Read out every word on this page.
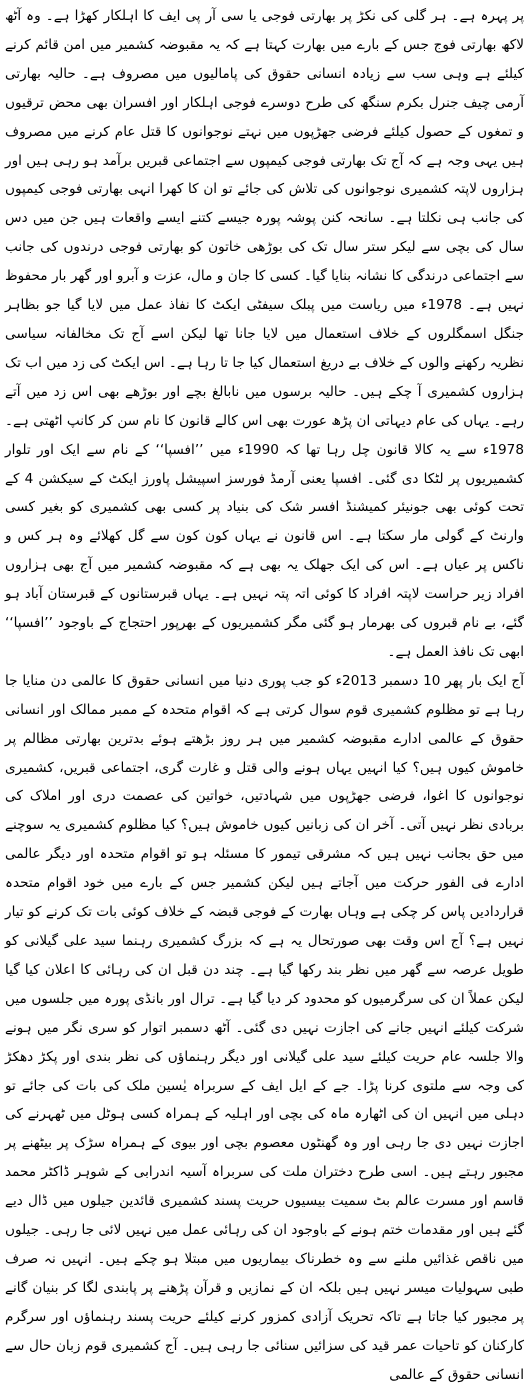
پر پہرہ ہے۔ ہر گلی کی نکڑ پر بھارتی فوجی یا سی آر پی ایف کا اہلکار کھڑا ہے۔ وہ آٹھ لاکھ بھارتی فوج جس کے بارے میں بھارت کہتا ہے کہ یہ مقبوضہ کشمیر میں امن قائم کرنے کیلئے ہے وہی سب سے زیادہ انسانی حقوق کی پامالیوں میں مصروف ہے۔ حالیہ بھارتی آرمی چیف جنرل بکرم سنگھ کی طرح دوسرے فوجی اہلکار اور افسران بھی محض ترقیوں و تمغوں کے حصول کیلئے فرضی جھڑپوں میں نہتے نوجوانوں کا قتل عام کرنے میں مصروف ہیں یہی وجہ ہے کہ آج تک بھارتی فوجی کیمپوں سے اجتماعی قبریں برآمد ہو رہی ہیں اور ہزاروں لاپتہ کشمیری نوجوانوں کی تلاش کی جائے تو ان کا کھرا انہی بھارتی فوجی کیمپوں کی جانب ہی نکلتا ہے۔ سانحہ کنن پوشہ پورہ جیسے کتنے ایسے واقعات ہیں جن میں دس سال کی بچی سے لیکر ستر سال تک کی بوڑھی خاتون کو بھارتی فوجی درندوں کی جانب سے اجتماعی درندگی کا نشانہ بنایا گیا۔ کسی کا جان و مال، عزت و آبرو اور گھر بار محفوظ نہیں ہے۔ 1978ء میں ریاست میں پبلک سیفٹی ایکٹ کا نفاذ عمل میں لایا گیا جو بظاہر جنگل اسمگلروں کے خلاف استعمال میں لایا جانا تھا لیکن اسے آج تک مخالفانہ سیاسی نظریہ رکھنے والوں کے خلاف بے دریغ استعمال کیا جا تا رہا ہے۔ اس ایکٹ کی زد میں اب تک ہزاروں کشمیری آ چکے ہیں۔ حالیہ برسوں میں نابالغ بچے اور بوڑھے بھی اس زد میں آتے رہے۔ یہاں کی عام دیہاتی ان پڑھ عورت بھی اس کالے قانون کا نام سن کر کانپ اٹھتی ہے۔ 1978ء سے یہ کالا قانون چل رہا تھا کہ 1990ء میں ’’افسپا‘‘ کے نام سے ایک اور تلوار کشمیریوں پر لٹکا دی گئی۔ افسپا یعنی آرمڈ فورسز اسپیشل پاورز ایکٹ کے سیکشن 4 کے تحت کوئی بھی جونیئر کمیشنڈ افسر شک کی بنیاد پر کسی بھی کشمیری کو بغیر کسی وارنٹ کے گولی مار سکتا ہے۔ اس قانون نے یہاں کون کون سے گل کھلائے وہ ہر کس و ناکس پر عیاں ہے۔ اس کی ایک جھلک یہ بھی ہے کہ مقبوضہ کشمیر میں آج بھی ہزاروں افراد زیر حراست لاپتہ افراد کا کوئی اتہ پتہ نہیں ہے۔ یہاں قبرستانوں کے قبرستان آباد ہو گئے، بے نام قبروں کی بھرمار ہو گئی مگر کشمیریوں کے بھرپور احتجاج کے باوجود ’’افسپا‘‘ ابھی تک نافذ العمل ہے۔

آج ایک بار پھر 10 دسمبر 2013ء کو جب پوری دنیا میں انسانی حقوق کا عالمی دن منایا جا رہا ہے تو مظلوم کشمیری قوم سوال کرتی ہے کہ اقوام متحدہ کے ممبر ممالک اور انسانی حقوق کے عالمی ادارے مقبوضہ کشمیر میں ہر روز بڑھتے ہوئے بدترین بھارتی مظالم پر خاموش کیوں ہیں؟ کیا انہیں یہاں ہونے والی قتل و غارت گری، اجتماعی قبریں، کشمیری نوجوانوں کا اغوا، فرضی جھڑپوں میں شہادتیں، خواتین کی عصمت دری اور املاک کی بربادی نظر نہیں آتی۔ آخر ان کی زبانیں کیوں خاموش ہیں؟ کیا مظلوم کشمیری یہ سوچنے میں حق بجانب نہیں ہیں کہ مشرقی تیمور کا مسئلہ ہو تو اقوام متحدہ اور دیگر عالمی ادارے فی الفور حرکت میں آجاتے ہیں لیکن کشمیر جس کے بارے میں خود اقوام متحدہ قراردادیں پاس کر چکی ہے وہاں بھارت کے فوجی قبضہ کے خلاف کوئی بات تک کرنے کو تیار نہیں ہے؟ آج اس وقت بھی صورتحال یہ ہے کہ بزرگ کشمیری رہنما سید علی گیلانی کو طویل عرصہ سے گھر میں نظر بند رکھا گیا ہے۔ چند دن قبل ان کی رہائی کا اعلان کیا گیا لیکن عملاً ان کی سرگرمیوں کو محدود کر دیا گیا ہے۔ ترال اور بانڈی پورہ میں جلسوں میں شرکت کیلئے انہیں جانے کی اجازت نہیں دی گئی۔ آٹھ دسمبر اتوار کو سری نگر میں ہونے والا جلسہ عام حریت کیلئے سید علی گیلانی اور دیگر رہنماؤں کی نظر بندی اور پکڑ دھکڑ کی وجہ سے ملتوی کرنا پڑا۔ جے کے ایل ایف کے سربراہ یٰسین ملک کی بات کی جائے تو دہلی میں انہیں ان کی اٹھارہ ماہ کی بچی اور اہلیہ کے ہمراہ کسی ہوٹل میں ٹھہرنے کی اجازت نہیں دی جا رہی اور وہ گھنٹوں معصوم بچی اور بیوی کے ہمراہ سڑک پر بیٹھنے پر مجبور رہتے ہیں۔ اسی طرح دختران ملت کی سربراہ آسیہ اندرابی کے شوہر ڈاکٹر محمد قاسم اور مسرت عالم بٹ سمیت بیسیوں حریت پسند کشمیری قائدین جیلوں میں ڈال دیے گئے ہیں اور مقدمات ختم ہونے کے باوجود ان کی رہائی عمل میں نہیں لائی جا رہی۔ جیلوں میں ناقص غذائیں ملنے سے وہ خطرناک بیماریوں میں مبتلا ہو چکے ہیں۔ انہیں نہ صرف طبی سہولیات میسر نہیں ہیں بلکہ ان کے نمازیں و قرآن پڑھنے پر پابندی لگا کر بنیان گانے پر مجبور کیا جاتا ہے تاکہ تحریک آزادی کمزور کرنے کیلئے حریت پسند رہنماؤں اور سرگرم کارکنان کو تاحیات عمر قید کی سزائیں سنائی جا رہی ہیں۔ آج کشمیری قوم زبان حال سے انسانی حقوق کے عالمی
